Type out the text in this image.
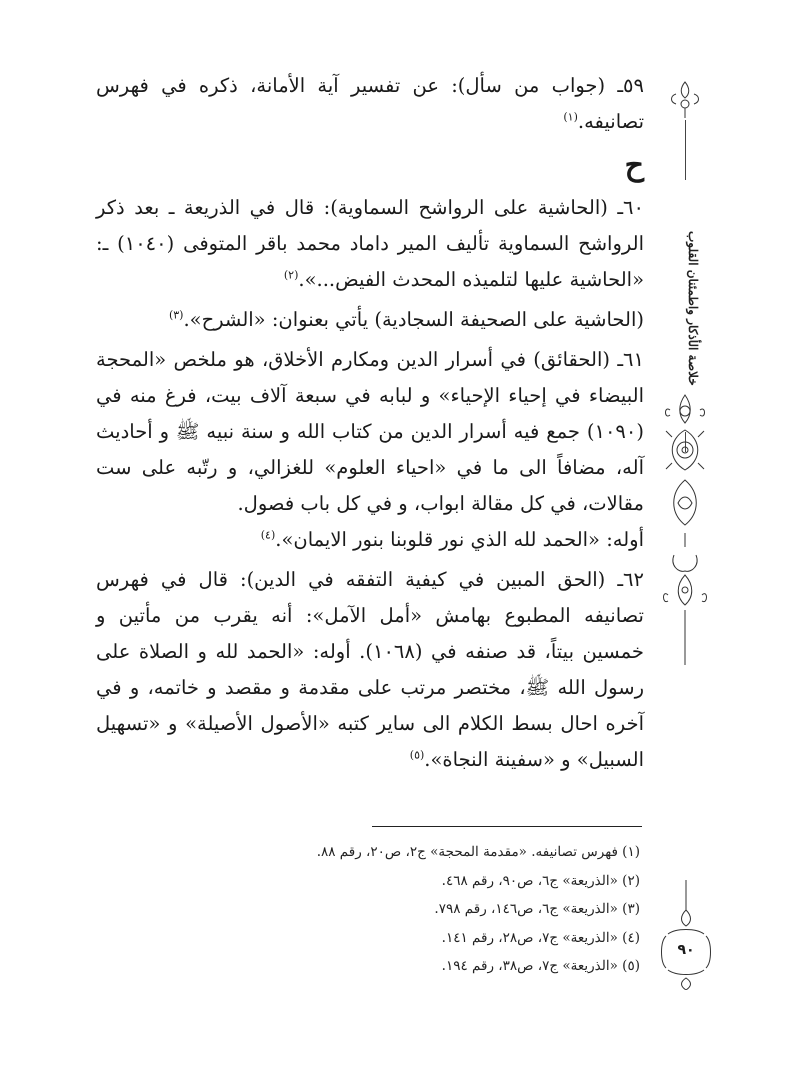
٥٩ـ (جواب من سأل): عن تفسير آية الأمانة، ذكره في فهرس تصانيفه.$^{(١)}$

ح

٦٠ـ (الحاشية على الرواشح السماوية): قال في الذريعة ـ بعد ذكر الرواشح السماوية تأليف المير داماد محمد باقر المتوفى (١٠٤٠) ـ: «الحاشية عليها لتلميذه المحدث الفيض...».$^{(٢)}$

(الحاشية على الصحيفة السجادية) يأتي بعنوان: «الشرح».$^{(٣)}$

٦١ـ (الحقائق) في أسرار الدين ومكارم الأخلاق، هو ملخص «المحجة البيضاء في إحياء الإحياء» و لبابه في سبعة آلاف بيت، فرغ منه في (١٠٩٠) جمع فيه أسرار الدين من كتاب الله و سنة نبيه ﷺ و أحاديث آله، مضافاً الى ما في «احياء العلوم» للغزالي، و رتّبه على ست مقالات، في كل مقالة ابواب، و في كل باب فصول.

أوله: «الحمد لله الذي نور قلوبنا بنور الايمان».$^{(٤)}$

٦٢ـ (الحق المبين في كيفية التفقه في الدين): قال في فهرس تصانيفه المطبوع بهامش «أمل الآمل»: أنه يقرب من مأتين و خمسين بيتاً، قد صنفه في (١٠٦٨). أوله: «الحمد لله و الصلاة على رسول الله ﷺ، مختصر مرتب على مقدمة و مقصد و خاتمه، و في آخره احال بسط الكلام الى ساير كتبه «الأصول الأصيلة» و «تسهيل السبيل» و «سفينة النجاة».$^{(٥)}$

(١) فهرس تصانيفه. «مقدمة المحجة» ج٢، ص٢٠، رقم ٨٨.
(٢) «الذريعة» ج٦، ص٩٠، رقم ٤٦٨.
(٣) «الذريعة» ج٦، ص١٤٦، رقم ٧٩٨.
(٤) «الذريعة» ج٧، ص٢٨، رقم ١٤١.
(٥) «الذريعة» ج٧، ص٣٨، رقم ١٩٤.
خلاصة الأذكار واطمئنان القلوب
٩٠
